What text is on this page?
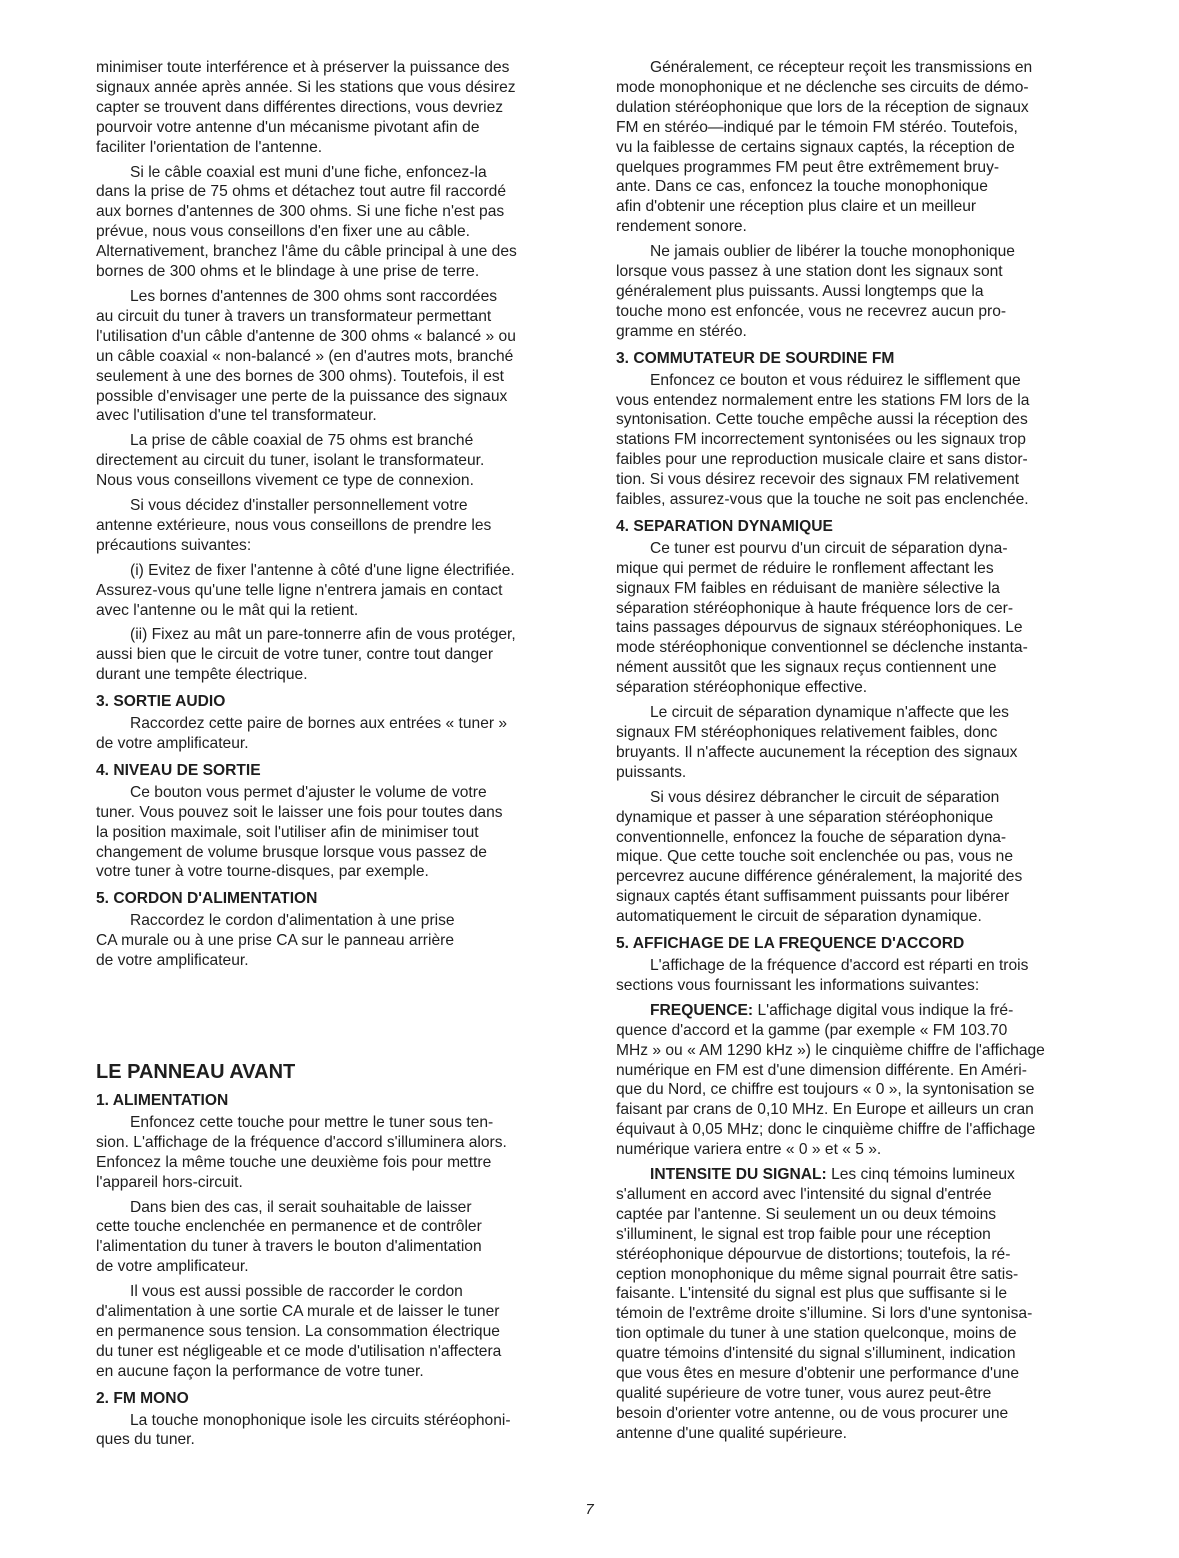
minimiser toute interférence et à préserver la puissance des
signaux année après année. Si les stations que vous désirez
capter se trouvent dans différentes directions, vous devriez
pourvoir votre antenne d'un mécanisme pivotant afin de
faciliter l'orientation de l'antenne.

Si le câble coaxial est muni d'une fiche, enfoncez-la
dans la prise de 75 ohms et détachez tout autre fil raccordé
aux bornes d'antennes de 300 ohms. Si une fiche n'est pas
prévue, nous vous conseillons d'en fixer une au câble.
Alternativement, branchez l'âme du câble principal à une des
bornes de 300 ohms et le blindage à une prise de terre.

Les bornes d'antennes de 300 ohms sont raccordées
au circuit du tuner à travers un transformateur permettant
l'utilisation d'un câble d'antenne de 300 ohms « balancé » ou
un câble coaxial « non-balancé » (en d'autres mots, branché
seulement à une des bornes de 300 ohms). Toutefois, il est
possible d'envisager une perte de la puissance des signaux
avec l'utilisation d'une tel transformateur.

La prise de câble coaxial de 75 ohms est branché
directement au circuit du tuner, isolant le transformateur.
Nous vous conseillons vivement ce type de connexion.

Si vous décidez d'installer personnellement votre
antenne extérieure, nous vous conseillons de prendre les
précautions suivantes:

(i) Evitez de fixer l'antenne à côté d'une ligne électrifiée.
Assurez-vous qu'une telle ligne n'entrera jamais en contact
avec l'antenne ou le mât qui la retient.

(ii) Fixez au mât un pare-tonnerre afin de vous protéger,
aussi bien que le circuit de votre tuner, contre tout danger
durant une tempête électrique.

3. SORTIE AUDIO

Raccordez cette paire de bornes aux entrées « tuner »
de votre amplificateur.

4. NIVEAU DE SORTIE

Ce bouton vous permet d'ajuster le volume de votre
tuner. Vous pouvez soit le laisser une fois pour toutes dans
la position maximale, soit l'utiliser afin de minimiser tout
changement de volume brusque lorsque vous passez de
votre tuner à votre tourne-disques, par exemple.

5. CORDON D'ALIMENTATION

Raccordez le cordon d'alimentation à une prise
CA murale ou à une prise CA sur le panneau arrière
de votre amplificateur.

LE PANNEAU AVANT
1. ALIMENTATION

Enfoncez cette touche pour mettre le tuner sous ten-
sion. L'affichage de la fréquence d'accord s'illuminera alors.
Enfoncez la même touche une deuxième fois pour mettre
l'appareil hors-circuit.

Dans bien des cas, il serait souhaitable de laisser
cette touche enclenchée en permanence et de contrôler
l'alimentation du tuner à travers le bouton d'alimentation
de votre amplificateur.

Il vous est aussi possible de raccorder le cordon
d'alimentation à une sortie CA murale et de laisser le tuner
en permanence sous tension. La consommation électrique
du tuner est négligeable et ce mode d'utilisation n'affectera
en aucune façon la performance de votre tuner.

2. FM MONO

La touche monophonique isole les circuits stéréophoni-
ques du tuner.

Généralement, ce récepteur reçoit les transmissions en
mode monophonique et ne déclenche ses circuits de démo-
dulation stéréophonique que lors de la réception de signaux
FM en stéréo—indiqué par le témoin FM stéréo. Toutefois,
vu la faiblesse de certains signaux captés, la réception de
quelques programmes FM peut être extrêmement bruy-
ante. Dans ce cas, enfoncez la touche monophonique
afin d'obtenir une réception plus claire et un meilleur
rendement sonore.

Ne jamais oublier de libérer la touche monophonique
lorsque vous passez à une station dont les signaux sont
généralement plus puissants. Aussi longtemps que la
touche mono est enfoncée, vous ne recevrez aucun pro-
gramme en stéréo.

3. COMMUTATEUR DE SOURDINE FM

Enfoncez ce bouton et vous réduirez le sifflement que
vous entendez normalement entre les stations FM lors de la
syntonisation. Cette touche empêche aussi la réception des
stations FM incorrectement syntonisées ou les signaux trop
faibles pour une reproduction musicale claire et sans distor-
tion. Si vous désirez recevoir des signaux FM relativement
faibles, assurez-vous que la touche ne soit pas enclenchée.

4. SEPARATION DYNAMIQUE

Ce tuner est pourvu d'un circuit de séparation dyna-
mique qui permet de réduire le ronflement affectant les
signaux FM faibles en réduisant de manière sélective la
séparation stéréophonique à haute fréquence lors de cer-
tains passages dépourvus de signaux stéréophoniques. Le
mode stéréophonique conventionnel se déclenche instanta-
nément aussitôt que les signaux reçus contiennent une
séparation stéréophonique effective.

Le circuit de séparation dynamique n'affecte que les
signaux FM stéréophoniques relativement faibles, donc
bruyants. Il n'affecte aucunement la réception des signaux
puissants.

Si vous désirez débrancher le circuit de séparation
dynamique et passer à une séparation stéréophonique
conventionnelle, enfoncez la fouche de séparation dyna-
mique. Que cette touche soit enclenchée ou pas, vous ne
percevrez aucune différence généralement, la majorité des
signaux captés étant suffisamment puissants pour libérer
automatiquement le circuit de séparation dynamique.

5. AFFICHAGE DE LA FREQUENCE D'ACCORD

L'affichage de la fréquence d'accord est réparti en trois
sections vous fournissant les informations suivantes:

FREQUENCE: L'affichage digital vous indique la fré-
quence d'accord et la gamme (par exemple « FM 103.70
MHz » ou « AM 1290 kHz ») le cinquième chiffre de l'affichage
numérique en FM est d'une dimension différente. En Améri-
que du Nord, ce chiffre est toujours « 0 », la syntonisation se
faisant par crans de 0,10 MHz. En Europe et ailleurs un cran
équivaut à 0,05 MHz; donc le cinquième chiffre de l'affichage
numérique variera entre « 0 » et « 5 ».

INTENSITE DU SIGNAL: Les cinq témoins lumineux
s'allument en accord avec l'intensité du signal d'entrée
captée par l'antenne. Si seulement un ou deux témoins
s'illuminent, le signal est trop faible pour une réception
stéréophonique dépourvue de distortions; toutefois, la ré-
ception monophonique du même signal pourrait être satis-
faisante. L'intensité du signal est plus que suffisante si le
témoin de l'extrême droite s'illumine. Si lors d'une syntonisa-
tion optimale du tuner à une station quelconque, moins de
quatre témoins d'intensité du signal s'illuminent, indication
que vous êtes en mesure d'obtenir une performance d'une
qualité supérieure de votre tuner, vous aurez peut-être
besoin d'orienter votre antenne, ou de vous procurer une
antenne d'une qualité supérieure.

7
